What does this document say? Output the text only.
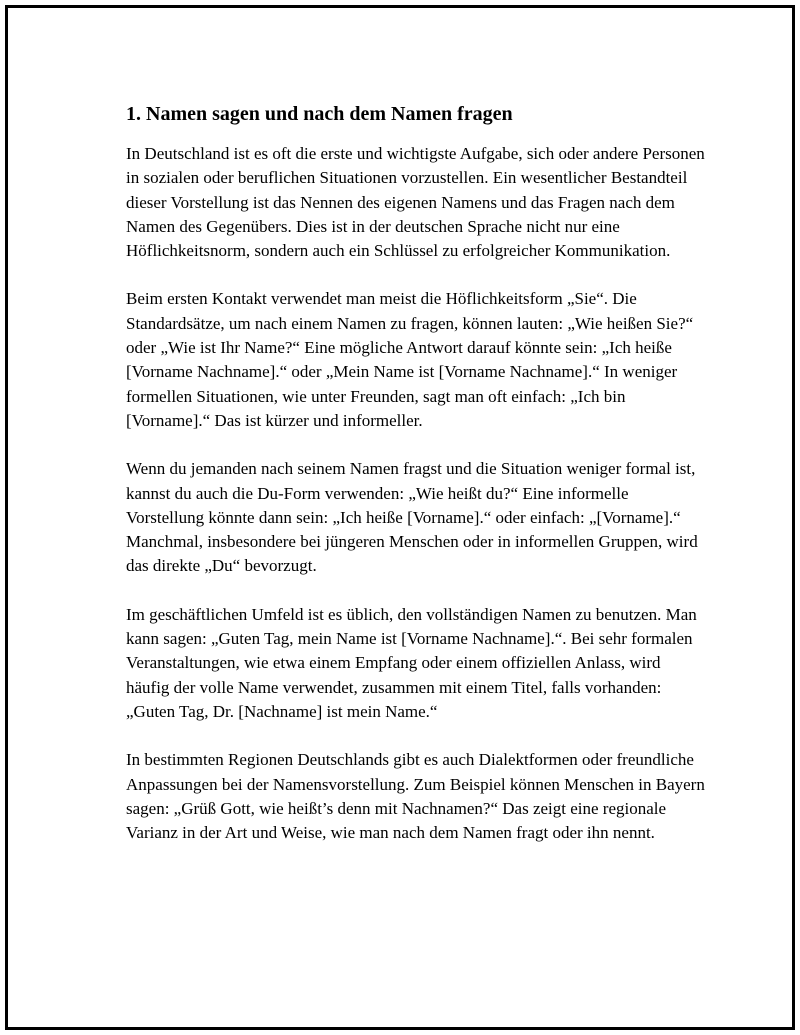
1. Namen sagen und nach dem Namen fragen

In Deutschland ist es oft die erste und wichtigste Aufgabe, sich oder andere Personen in sozialen oder beruflichen Situationen vorzustellen. Ein wesentlicher Bestandteil dieser Vorstellung ist das Nennen des eigenen Namens und das Fragen nach dem Namen des Gegenübers. Dies ist in der deutschen Sprache nicht nur eine Höflichkeitsnorm, sondern auch ein Schlüssel zu erfolgreicher Kommunikation.

Beim ersten Kontakt verwendet man meist die Höflichkeitsform „Sie“. Die Standardsätze, um nach einem Namen zu fragen, können lauten: „Wie heißen Sie?“ oder „Wie ist Ihr Name?“ Eine mögliche Antwort darauf könnte sein: „Ich heiße [Vorname Nachname].“ oder „Mein Name ist [Vorname Nachname].“ In weniger formellen Situationen, wie unter Freunden, sagt man oft einfach: „Ich bin [Vorname].“ Das ist kürzer und informeller.

Wenn du jemanden nach seinem Namen fragst und die Situation weniger formal ist, kannst du auch die Du-Form verwenden: „Wie heißt du?“ Eine informelle Vorstellung könnte dann sein: „Ich heiße [Vorname].“ oder einfach: „[Vorname].“ Manchmal, insbesondere bei jüngeren Menschen oder in informellen Gruppen, wird das direkte „Du“ bevorzugt.

Im geschäftlichen Umfeld ist es üblich, den vollständigen Namen zu benutzen. Man kann sagen: „Guten Tag, mein Name ist [Vorname Nachname].“. Bei sehr formalen Veranstaltungen, wie etwa einem Empfang oder einem offiziellen Anlass, wird häufig der volle Name verwendet, zusammen mit einem Titel, falls vorhanden: „Guten Tag, Dr. [Nachname] ist mein Name.“

In bestimmten Regionen Deutschlands gibt es auch Dialektformen oder freundliche Anpassungen bei der Namensvorstellung. Zum Beispiel können Menschen in Bayern sagen: „Grüß Gott, wie heißt’s denn mit Nachnamen?“ Das zeigt eine regionale Varianz in der Art und Weise, wie man nach dem Namen fragt oder ihn nennt.
